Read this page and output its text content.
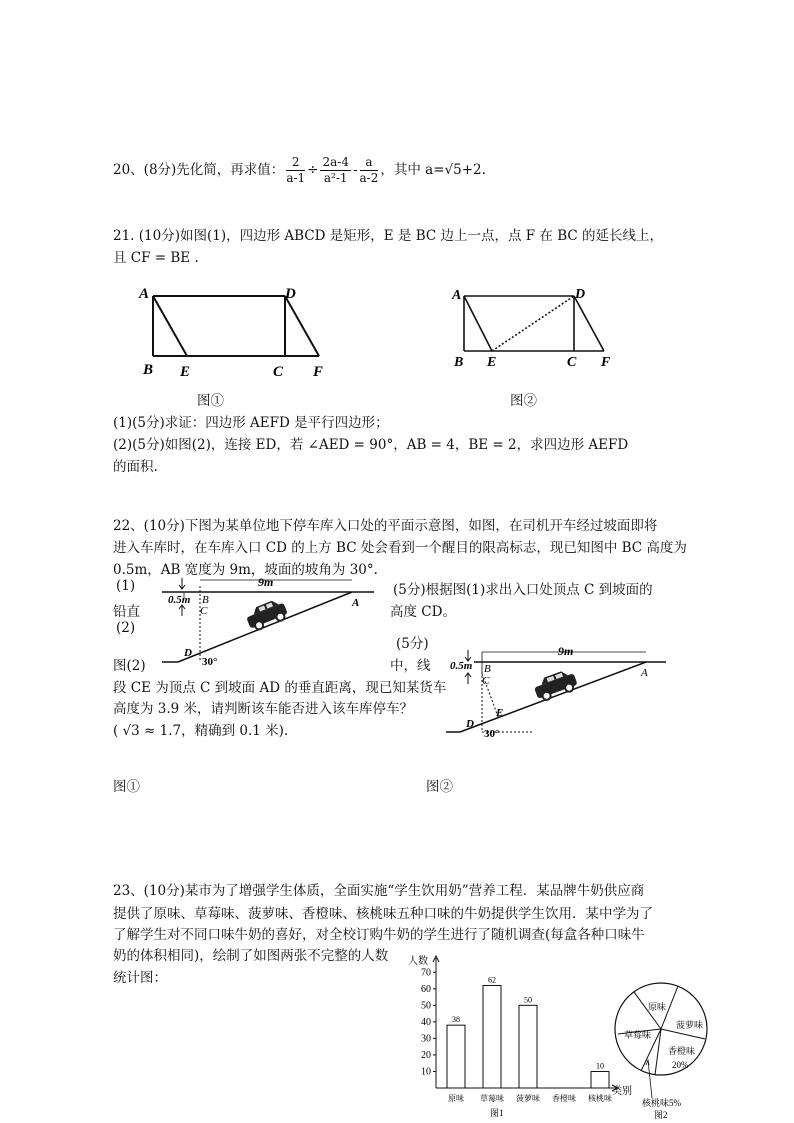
20、(8分)先化简，再求值： $\frac{2}{a-1} \div \frac{2a-4}{\text{a²-1}} - \frac{a}{a-2}$ ，其中 a=√5+2.
21. (10分)如图(1)，四边形 ABCD 是矩形，E 是 BC 边上一点，点 F 在 BC 的延长线上，
且 CF = BE .
A	D
B E	C F
图①
A	D
B E	C F
图②
(1)(5分)求证：四边形 AEFD 是平行四边形；
(2)(5分)如图(2)，连接 ED，若 ∠AED = 90°，AB = 4，BE = 2，求四边形 AEFD
的面积.
22、(10分)下图为某单位地下停车库入口处的平面示意图，如图，在司机开车经过坡面即将
进入车库时，在车库入口 CD 的上方 BC 处会看到一个醒目的限高标志，现已知图中 BC 高度为
0.5m，AB 宽度为 9m，坡面的坡角为 30°.
(1)
铅直
(2)
图(2)
0.5m
9m
B
C
A
D
30°
(5分)根据图(1)求出入口处顶点 C 到坡面的
高度 CD。
(5分)
中，线 0.5m
9m
B
C
A
E
D
30°
段 CE 为顶点 C 到坡面 AD 的垂直距离，现已知某货车
高度为 3.9 米，请判断该车能否进入该车库停车？
( √3 ≈ 1.7，精确到 0.1 米).
图①	图②
23、(10分)某市为了增强学生体质，全面实施“学生饮用奶”营养工程．某品牌牛奶供应商
提供了原味、草莓味、菠萝味、香橙味、核桃味五种口味的牛奶提供学生饮用．某中学为了
了解学生对不同口味牛奶的喜好，对全校订购牛奶的学生进行了随机调查(每盒各种口味牛
奶的体积相同)，绘制了如图两张不完整的人数
统计图：
人数
类别
图1
10
20
30
40
50
60
70
38
原味
62
草莓味
50
菠萝味 香橙味
10
核桃味
原味
草莓味
菠萝味
香橙味
20%
核桃味5%
图2
